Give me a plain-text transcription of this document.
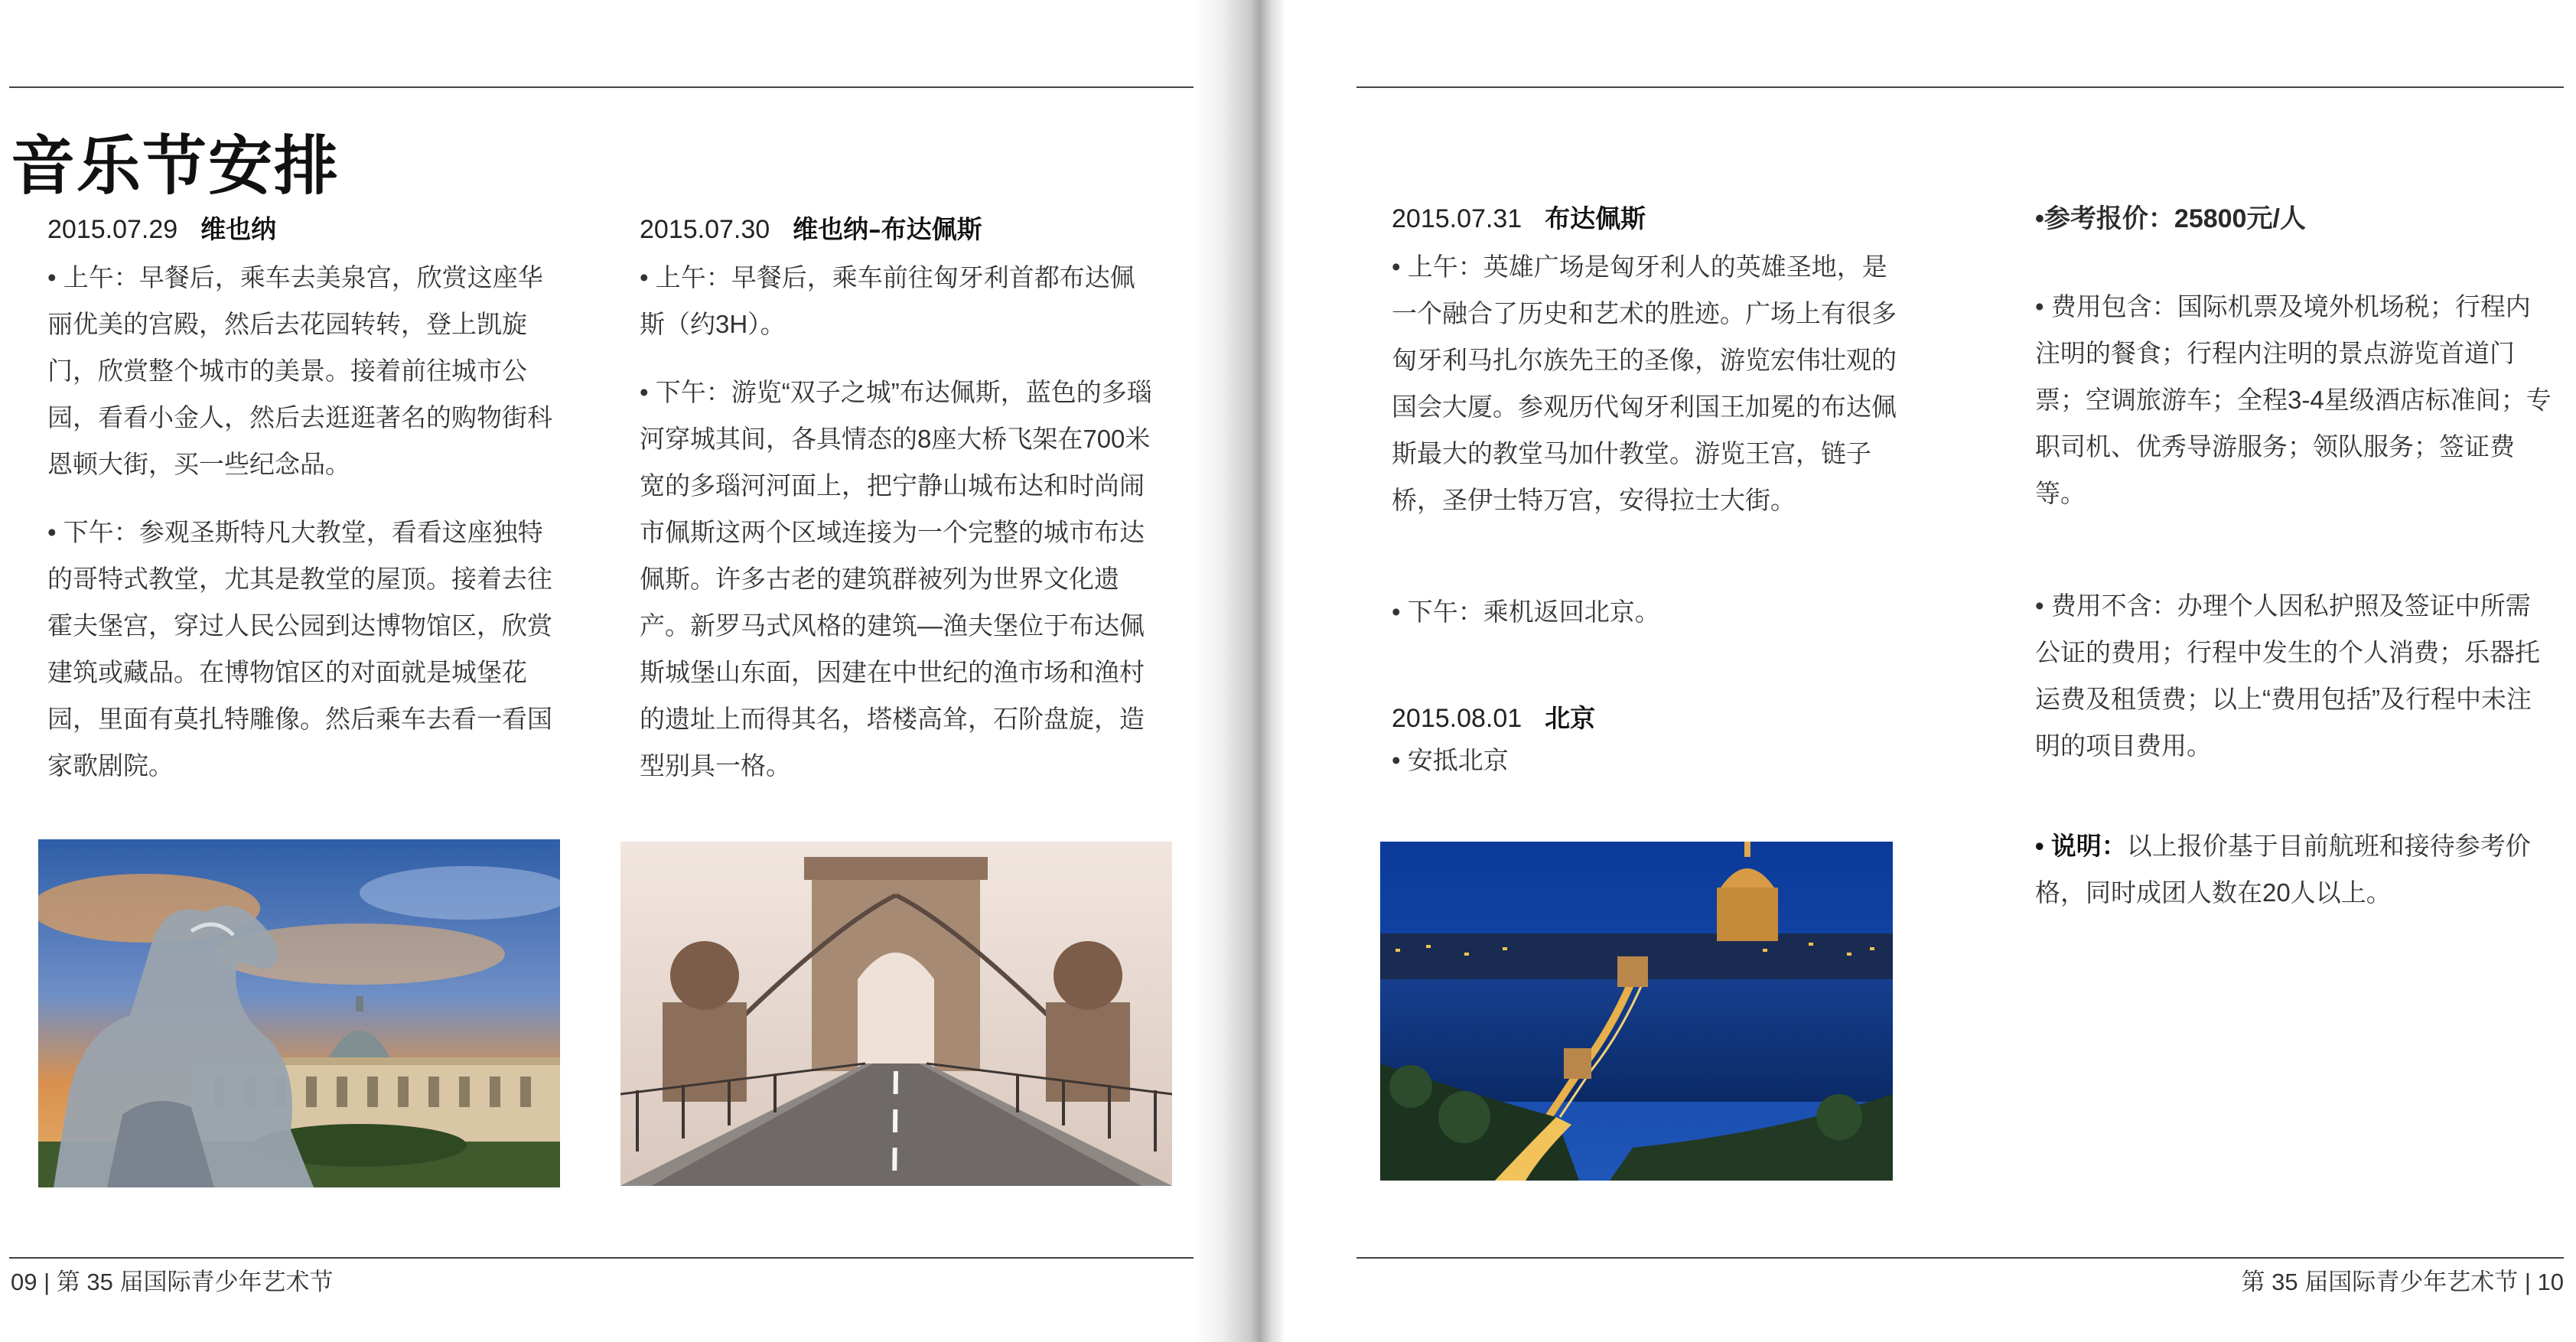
音乐节安排
2015.07.29 维也纳

• 上午：早餐后，乘车去美泉宫，欣赏这座华丽优美的宫殿，然后去花园转转，登上凯旋门，欣赏整个城市的美景。接着前往城市公园，看看小金人，然后去逛逛著名的购物街科恩顿大街，买一些纪念品。

• 下午：参观圣斯特凡大教堂，看看这座独特的哥特式教堂，尤其是教堂的屋顶。接着去往霍夫堡宫，穿过人民公园到达博物馆区，欣赏建筑或藏品。在博物馆区的对面就是城堡花园，里面有莫扎特雕像。然后乘车去看一看国家歌剧院。

2015.07.30 维也纳–布达佩斯

• 上午：早餐后，乘车前往匈牙利首都布达佩斯（约3H）。

• 下午：游览“双子之城”布达佩斯，蓝色的多瑙河穿城其间，各具情态的8座大桥飞架在700米宽的多瑙河河面上，把宁静山城布达和时尚闹市佩斯这两个区域连接为一个完整的城市布达佩斯。许多古老的建筑群被列为世界文化遗产。新罗马式风格的建筑—渔夫堡位于布达佩斯城堡山东面，因建在中世纪的渔市场和渔村的遗址上而得其名，塔楼高耸，石阶盘旋，造型别具一格。

09 | 第 35 届国际青少年艺术节
2015.07.31 布达佩斯

• 上午：英雄广场是匈牙利人的英雄圣地，是一个融合了历史和艺术的胜迹。广场上有很多匈牙利马扎尔族先王的圣像，游览宏伟壮观的国会大厦。参观历代匈牙利国王加冕的布达佩斯最大的教堂马加什教堂。游览王宫，链子桥，圣伊士特万宫，安得拉士大街。

• 下午：乘机返回北京。

2015.08.01 北京

• 安抵北京

•参考报价：25800元/人

• 费用包含：国际机票及境外机场税；行程内注明的餐食；行程内注明的景点游览首道门票；空调旅游车；全程3-4星级酒店标准间；专职司机、优秀导游服务；领队服务；签证费等。

• 费用不含：办理个人因私护照及签证中所需公证的费用；行程中发生的个人消费；乐器托运费及租赁费；以上“费用包括”及行程中未注明的项目费用。

• 说明：以上报价基于目前航班和接待参考价格，同时成团人数在20人以上。

第 35 届国际青少年艺术节 | 10
